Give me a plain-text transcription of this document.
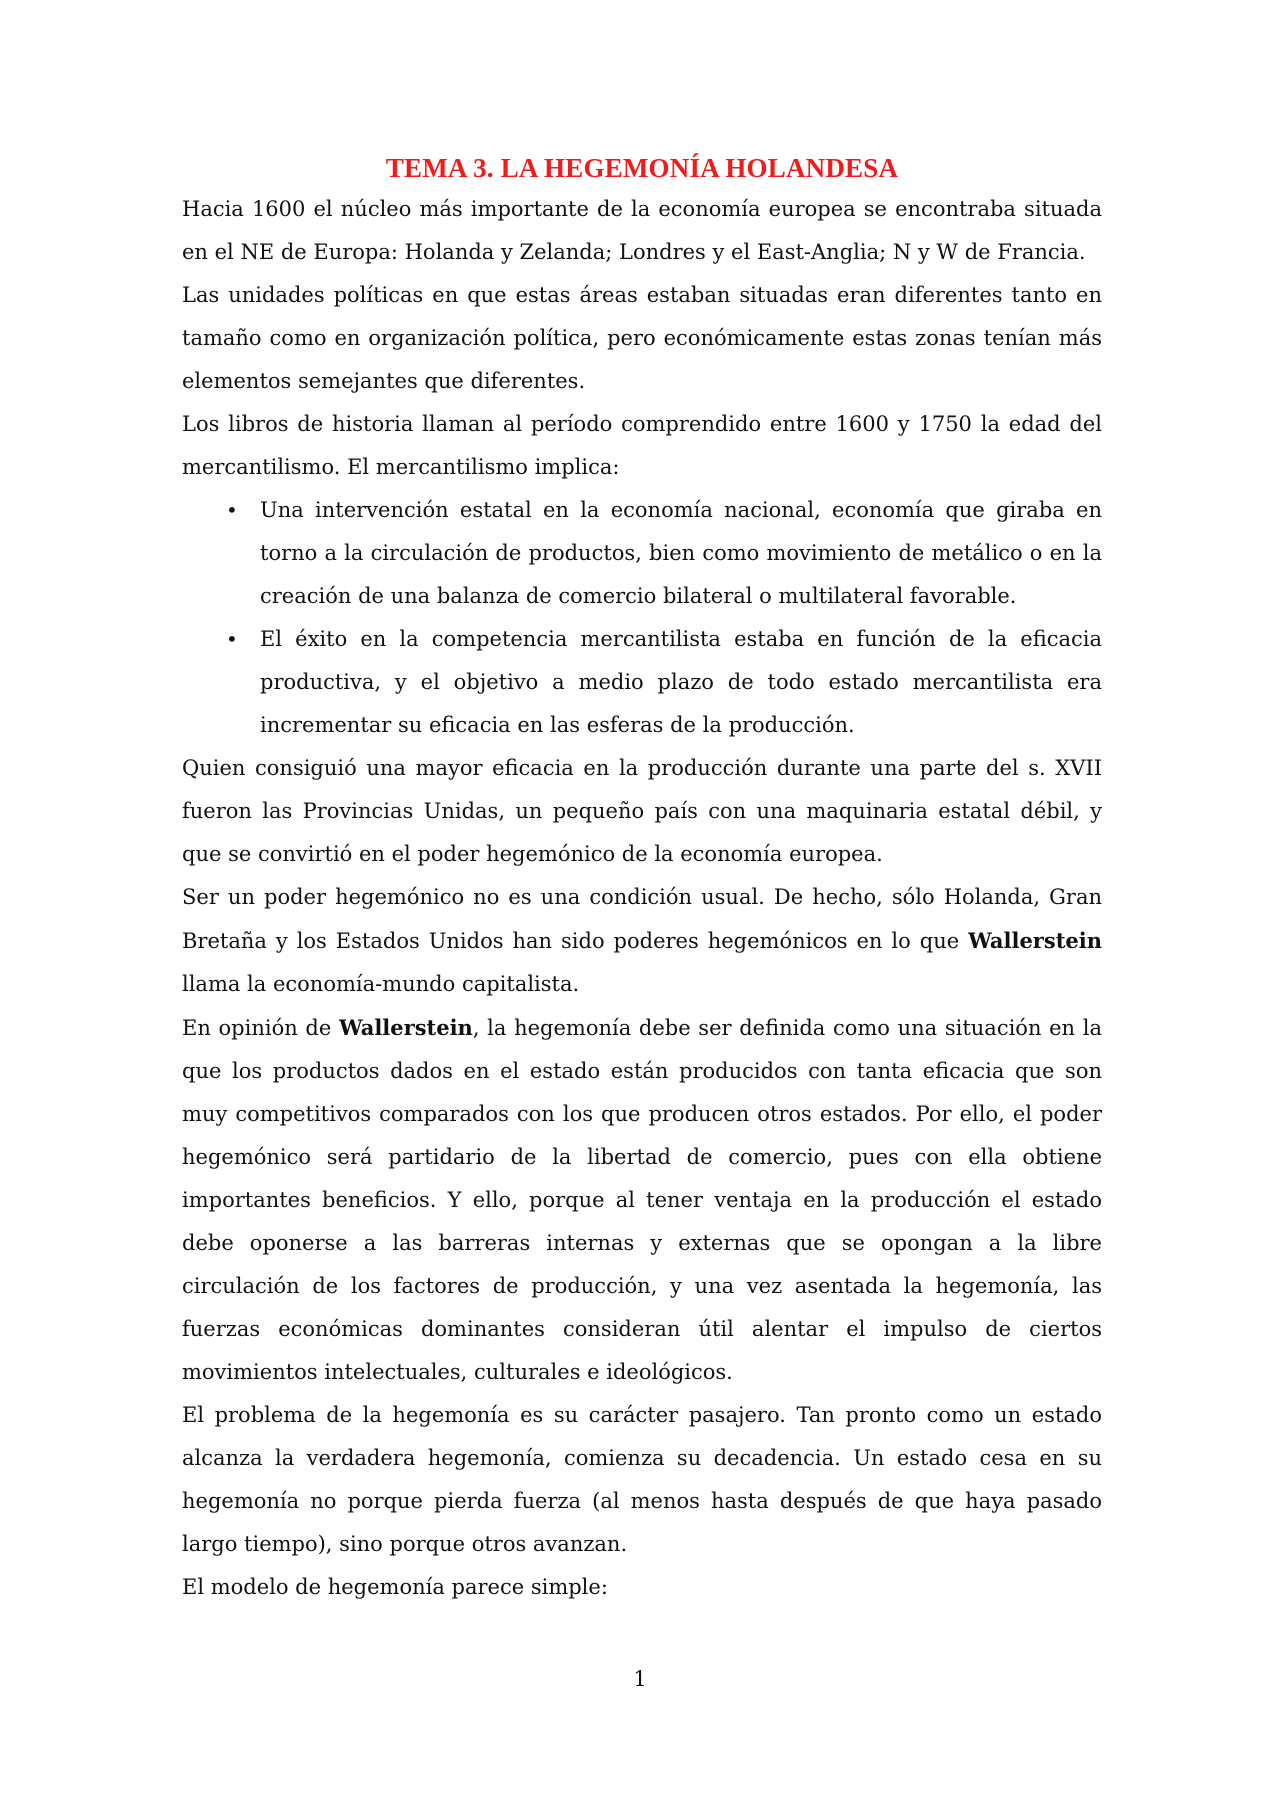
TEMA 3. LA HEGEMONÍA HOLANDESA

Hacia 1600 el núcleo más importante de la economía europea se encontraba situada en el NE de Europa: Holanda y Zelanda; Londres y el East-Anglia; N y W de Francia.

Las unidades políticas en que estas áreas estaban situadas eran diferentes tanto en tamaño como en organización política, pero económicamente estas zonas tenían más elementos semejantes que diferentes.

Los libros de historia llaman al período comprendido entre 1600 y 1750 la edad del mercantilismo. El mercantilismo implica:

• Una intervención estatal en la economía nacional, economía que giraba en torno a la circulación de productos, bien como movimiento de metálico o en la creación de una balanza de comercio bilateral o multilateral favorable.
• El éxito en la competencia mercantilista estaba en función de la eficacia productiva, y el objetivo a medio plazo de todo estado mercantilista era incrementar su eficacia en las esferas de la producción.

Quien consiguió una mayor eficacia en la producción durante una parte del s. XVII fueron las Provincias Unidas, un pequeño país con una maquinaria estatal débil, y que se convirtió en el poder hegemónico de la economía europea.

Ser un poder hegemónico no es una condición usual. De hecho, sólo Holanda, Gran Bretaña y los Estados Unidos han sido poderes hegemónicos en lo que Wallerstein llama la economía-mundo capitalista.

En opinión de Wallerstein, la hegemonía debe ser definida como una situación en la que los productos dados en el estado están producidos con tanta eficacia que son muy competitivos comparados con los que producen otros estados. Por ello, el poder hegemónico será partidario de la libertad de comercio, pues con ella obtiene importantes beneficios. Y ello, porque al tener ventaja en la producción el estado debe oponerse a las barreras internas y externas que se opongan a la libre circulación de los factores de producción, y una vez asentada la hegemonía, las fuerzas económicas dominantes consideran útil alentar el impulso de ciertos movimientos intelectuales, culturales e ideológicos.

El problema de la hegemonía es su carácter pasajero. Tan pronto como un estado alcanza la verdadera hegemonía, comienza su decadencia. Un estado cesa en su hegemonía no porque pierda fuerza (al menos hasta después de que haya pasado largo tiempo), sino porque otros avanzan.

El modelo de hegemonía parece simple:

1
